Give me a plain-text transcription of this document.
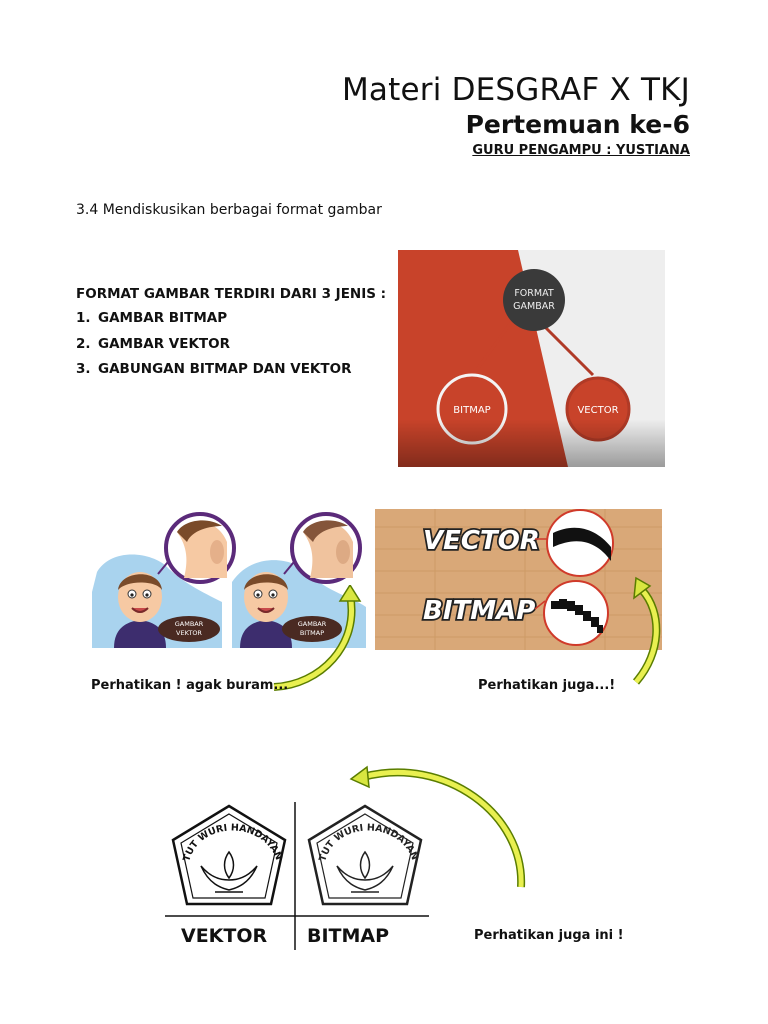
Materi DESGRAF X TKJ
Pertemuan ke-6
GURU PENGAMPU : YUSTIANA
3.4 Mendiskusikan berbagai format gambar
FORMAT GAMBAR TERDIRI DARI 3 JENIS :
1. GAMBAR BITMAP
2. GAMBAR VEKTOR
3. GABUNGAN BITMAP DAN VEKTOR
GAMBAR
VEKTOR
GAMBAR
BITMAP
VECTOR
BITMAP
Perhatikan ! agak buram...	Perhatikan juga...!
Perhatikan juga ini !
TUT WURI HANDAYAN	TUT WURI HANDAYAN
VEKTOR BITMAP
